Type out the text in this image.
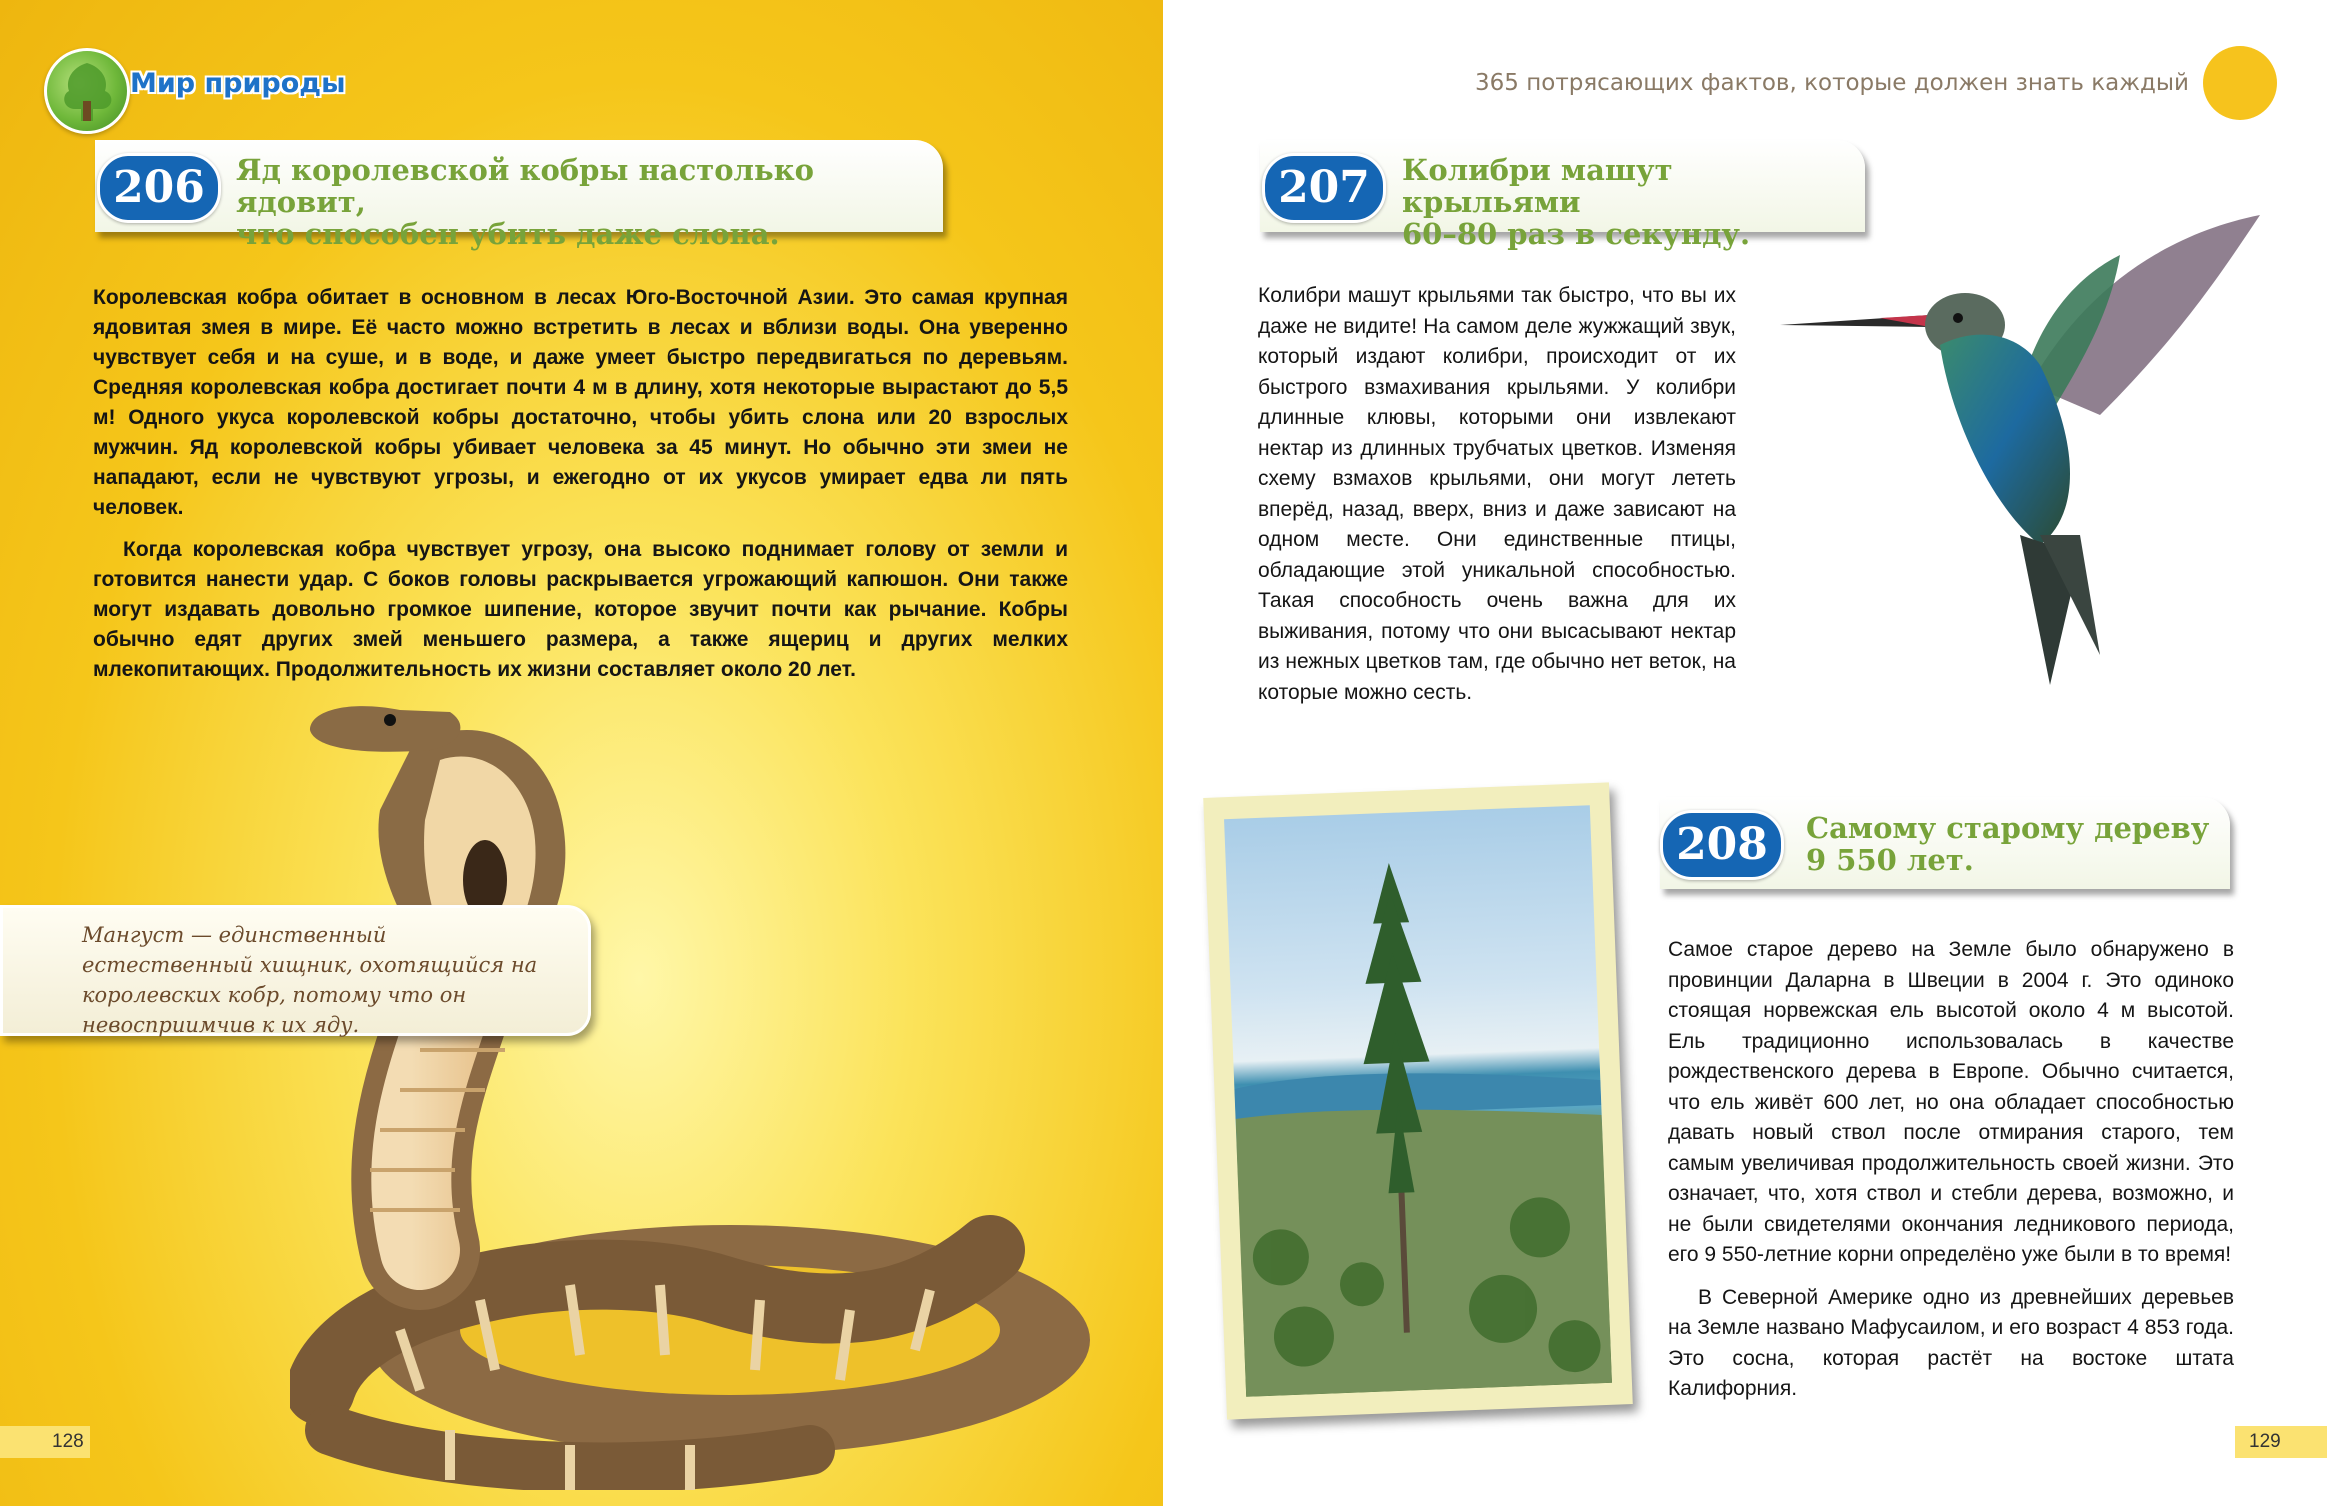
Мир природы
206	Яд королевской кобры настолько ядовит,
что способен убить даже слона.

Королевская кобра обитает в основном в лесах Юго-Восточной Азии. Это самая крупная ядовитая змея в мире. Её часто можно встретить в лесах и вблизи воды. Она уверенно чувствует себя и на суше, и в воде, и даже умеет быстро передвигаться по деревьям. Средняя королевская кобра достигает почти 4 м в длину, хотя некоторые вырастают до 5,5 м! Одного укуса королевской кобры достаточно, чтобы убить слона или 20 взрослых мужчин. Яд королевской кобры убивает человека за 45 минут. Но обычно эти змеи не нападают, если не чувствуют угрозы, и ежегодно от их укусов умирает едва ли пять человек.

Когда королевская кобра чувствует угрозу, она высоко поднимает голову от земли и готовится нанести удар. С боков головы раскрывается угрожающий капюшон. Они также могут издавать довольно громкое шипение, которое звучит почти как рычание. Кобры обычно едят других змей меньшего размера, а также ящериц и других мелких млекопитающих. Продолжительность их жизни составляет около 20 лет.

Мангуст — единственный естественный хищник, охотящийся на королевских кобр, потому что он невосприимчив к их яду.
128
365 потрясающих фактов, которые должен знать каждый
207	Колибри машут крыльями
60–80 раз в секунду.

Колибри машут крыльями так быстро, что вы их даже не видите! На самом деле жужжащий звук, который издают колибри, происходит от их быстрого взмахивания крыльями. У колибри длинные клювы, которыми они извлекают нектар из длинных трубчатых цветков. Изменяя схему взмахов крыльями, они могут лететь вперёд, назад, вверх, вниз и даже зависают на одном месте. Они единственные птицы, обладающие этой уникальной способностью. Такая способность очень важна для их выживания, потому что они высасывают нектар из нежных цветков там, где обычно нет веток, на которые можно сесть.

208	Самому старому дереву
9 550 лет.

Самое старое дерево на Земле было обнаружено в провинции Даларна в Швеции в 2004 г. Это одиноко стоящая норвежская ель высотой около 4 м высотой. Ель традиционно использовалась в качестве рождественского дерева в Европе. Обычно считается, что ель живёт 600 лет, но она обладает способностью давать новый ствол после отмирания старого, тем самым увеличивая продолжительность своей жизни. Это означает, что, хотя ствол и стебли дерева, возможно, и не были свидетелями окончания ледникового периода, его 9 550-летние корни определёнo уже были в то время!

В Северной Америке одно из древнейших деревьев на Земле названо Мафусаилом, и его возраст 4 853 года. Это сосна, которая растёт на востоке штата Калифорния.

129
